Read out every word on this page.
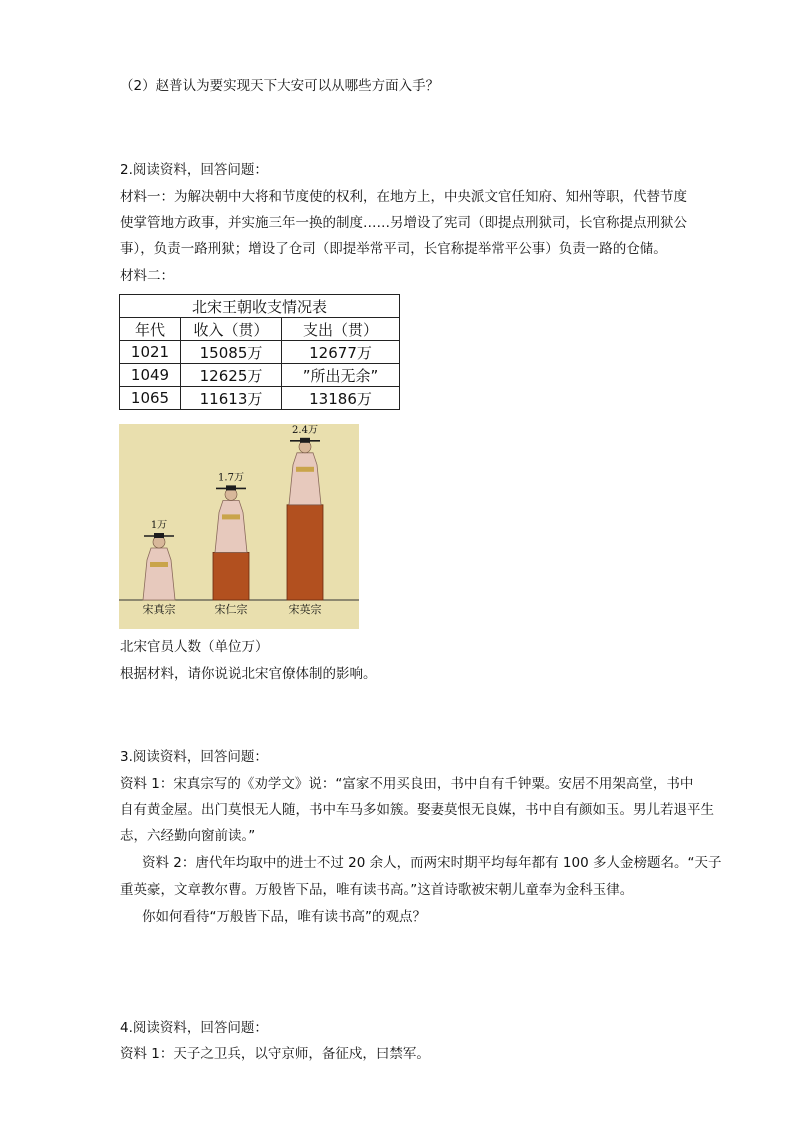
（2）赵普认为要实现天下大安可以从哪些方面入手？
2.阅读资料，回答问题：
材料一：为解决朝中大将和节度使的权利，在地方上，中央派文官任知府、知州等职，代替节度
使掌管地方政事，并实施三年一换的制度……另增设了宪司（即提点刑狱司，长官称提点刑狱公
事），负责一路刑狱；增设了仓司（即提举常平司，长官称提举常平公事）负责一路的仓储。
材料二：
北宋王朝收支情况表		
年代	收入（贯）	支出（贯）
1021	15085万	12677万
1049	12625万	”所出无余”
1065	11613万	13186万
1万
宋真宗
1.7万
宋仁宗
2.4万
宋英宗
北宋官员人数（单位万）
根据材料，请你说说北宋官僚体制的影响。
3.阅读资料，回答问题：
资料 1：宋真宗写的《劝学文》说：“富家不用买良田，书中自有千钟粟。安居不用架高堂，书中
自有黄金屋。出门莫恨无人随，书中车马多如簇。娶妻莫恨无良媒，书中自有颜如玉。男儿若退平生
志，六经勤向窗前读。”
资料 2：唐代年均取中的进士不过 20 余人，而两宋时期平均每年都有 100 多人金榜题名。“天子
重英豪，文章教尔曹。万般皆下品，唯有读书高。”这首诗歌被宋朝儿童奉为金科玉律。
你如何看待“万般皆下品，唯有读书高”的观点？
4.阅读资料，回答问题：
资料 1：天子之卫兵，以守京师，备征戍，曰禁军。
